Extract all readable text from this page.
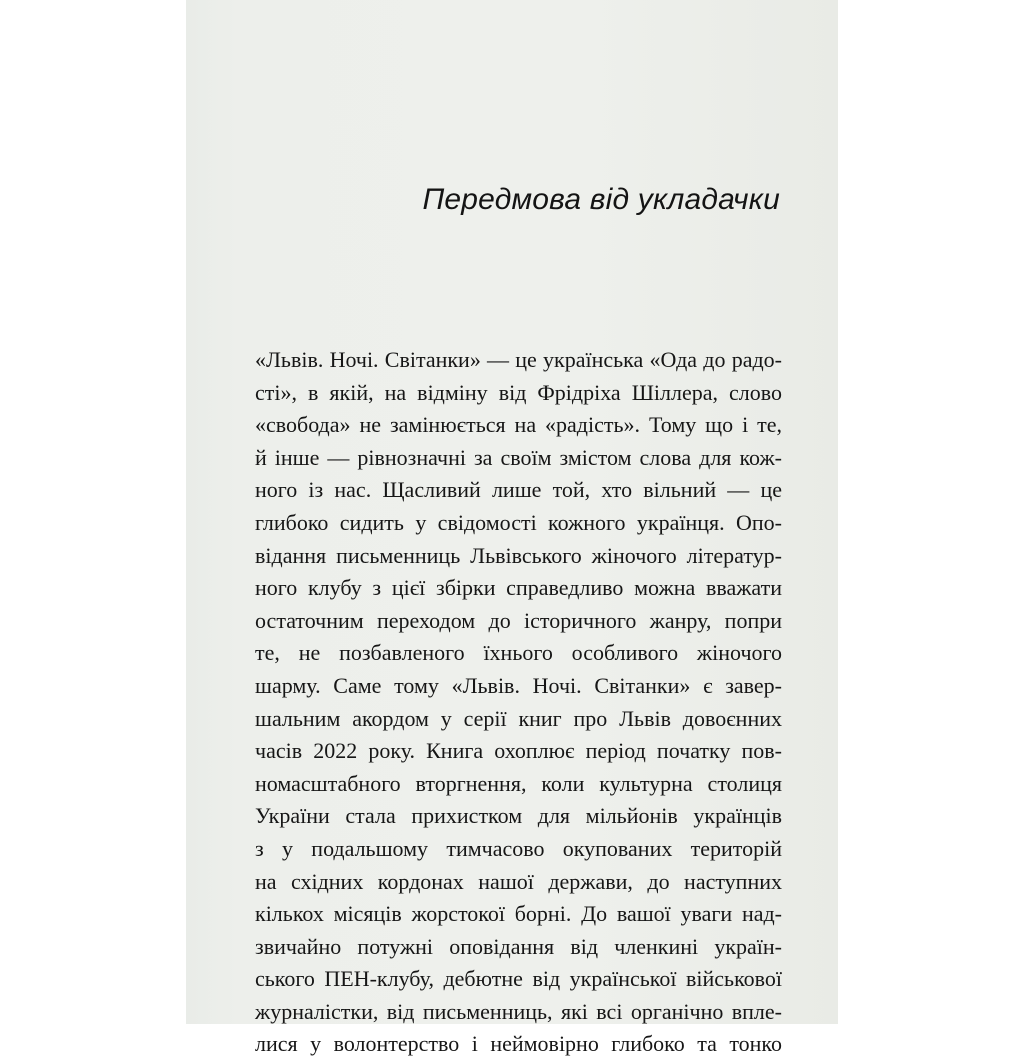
Передмова від укладачки
«Львів. Ночі. Світанки» — це українська «Ода до радо-
сті», в якій, на відміну від Фрідріха Шіллера, слово
«свобода» не замінюється на «радість». Тому що і те,
й інше — рівнозначні за своїм змістом слова для кож-
ного із нас. Щасливий лише той, хто вільний — це
глибоко сидить у свідомості кожного українця. Опо-
відання письменниць Львівського жіночого літератур-
ного клубу з цієї збірки справедливо можна вважати
остаточним переходом до історичного жанру, попри
те, не позбавленого їхнього особливого жіночого
шарму. Саме тому «Львів. Ночі. Світанки» є завер-
шальним акордом у серії книг про Львів довоєнних
часів 2022 року. Книга охоплює період початку пов-
номасштабного вторгнення, коли культурна столиця
України стала прихистком для мільйонів українців
з у подальшому тимчасово окупованих територій
на східних кордонах нашої держави, до наступних
кількох місяців жорстокої борні. До вашої уваги над-
звичайно потужні оповідання від членкині україн-
ського ПЕН-клубу, дебютне від української військової
журналістки, від письменниць, які всі органічно впле-
лися у волонтерство і неймовірно глибоко та тонко
